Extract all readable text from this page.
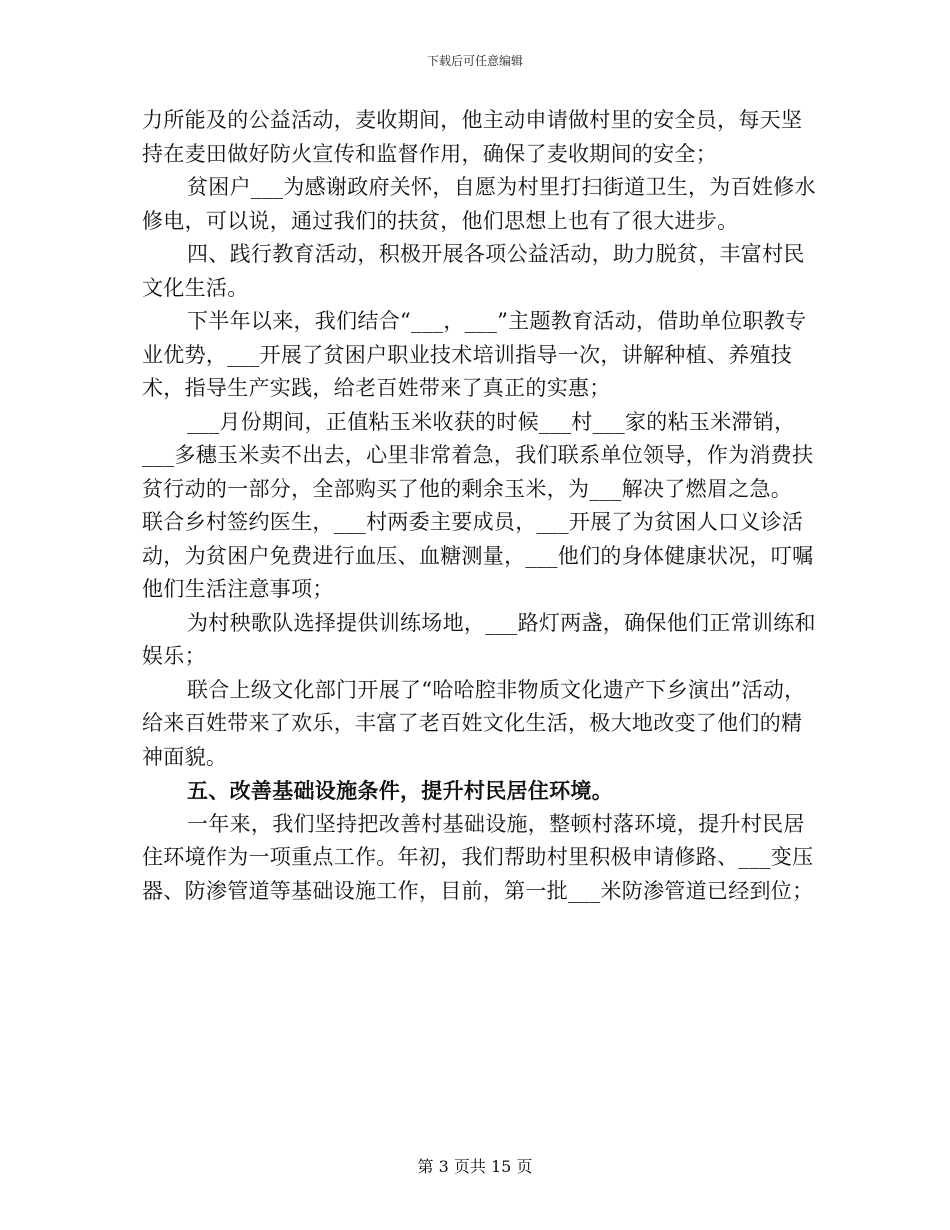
下载后可任意编辑

力所能及的公益活动，麦收期间，他主动申请做村里的安全员，每天坚持在麦田做好防火宣传和监督作用，确保了麦收期间的安全；

贫困户___为感谢政府关怀，自愿为村里打扫街道卫生，为百姓修水修电，可以说，通过我们的扶贫，他们思想上也有了很大进步。

四、践行教育活动，积极开展各项公益活动，助力脱贫，丰富村民文化生活。

下半年以来，我们结合“___，___”主题教育活动，借助单位职教专业优势，___开展了贫困户职业技术培训指导一次，讲解种植、养殖技术，指导生产实践，给老百姓带来了真正的实惠；

___月份期间，正值粘玉米收获的时候___村___家的粘玉米滞销，___多穗玉米卖不出去，心里非常着急，我们联系单位领导，作为消费扶贫行动的一部分，全部购买了他的剩余玉米，为___解决了燃眉之急。

联合乡村签约医生，___村两委主要成员，___开展了为贫困人口义诊活动，为贫困户免费进行血压、血糖测量，___他们的身体健康状况，叮嘱他们生活注意事项；

为村秧歌队选择提供训练场地，___路灯两盏，确保他们正常训练和娱乐；

联合上级文化部门开展了“哈哈腔非物质文化遗产下乡演出”活动，给来百姓带来了欢乐，丰富了老百姓文化生活，极大地改变了他们的精神面貌。

五、改善基础设施条件，提升村民居住环境。

一年来，我们坚持把改善村基础设施，整顿村落环境，提升村民居住环境作为一项重点工作。年初，我们帮助村里积极申请修路、___变压器、防渗管道等基础设施工作，目前，第一批___米防渗管道已经到位；

第 3 页共 15 页
